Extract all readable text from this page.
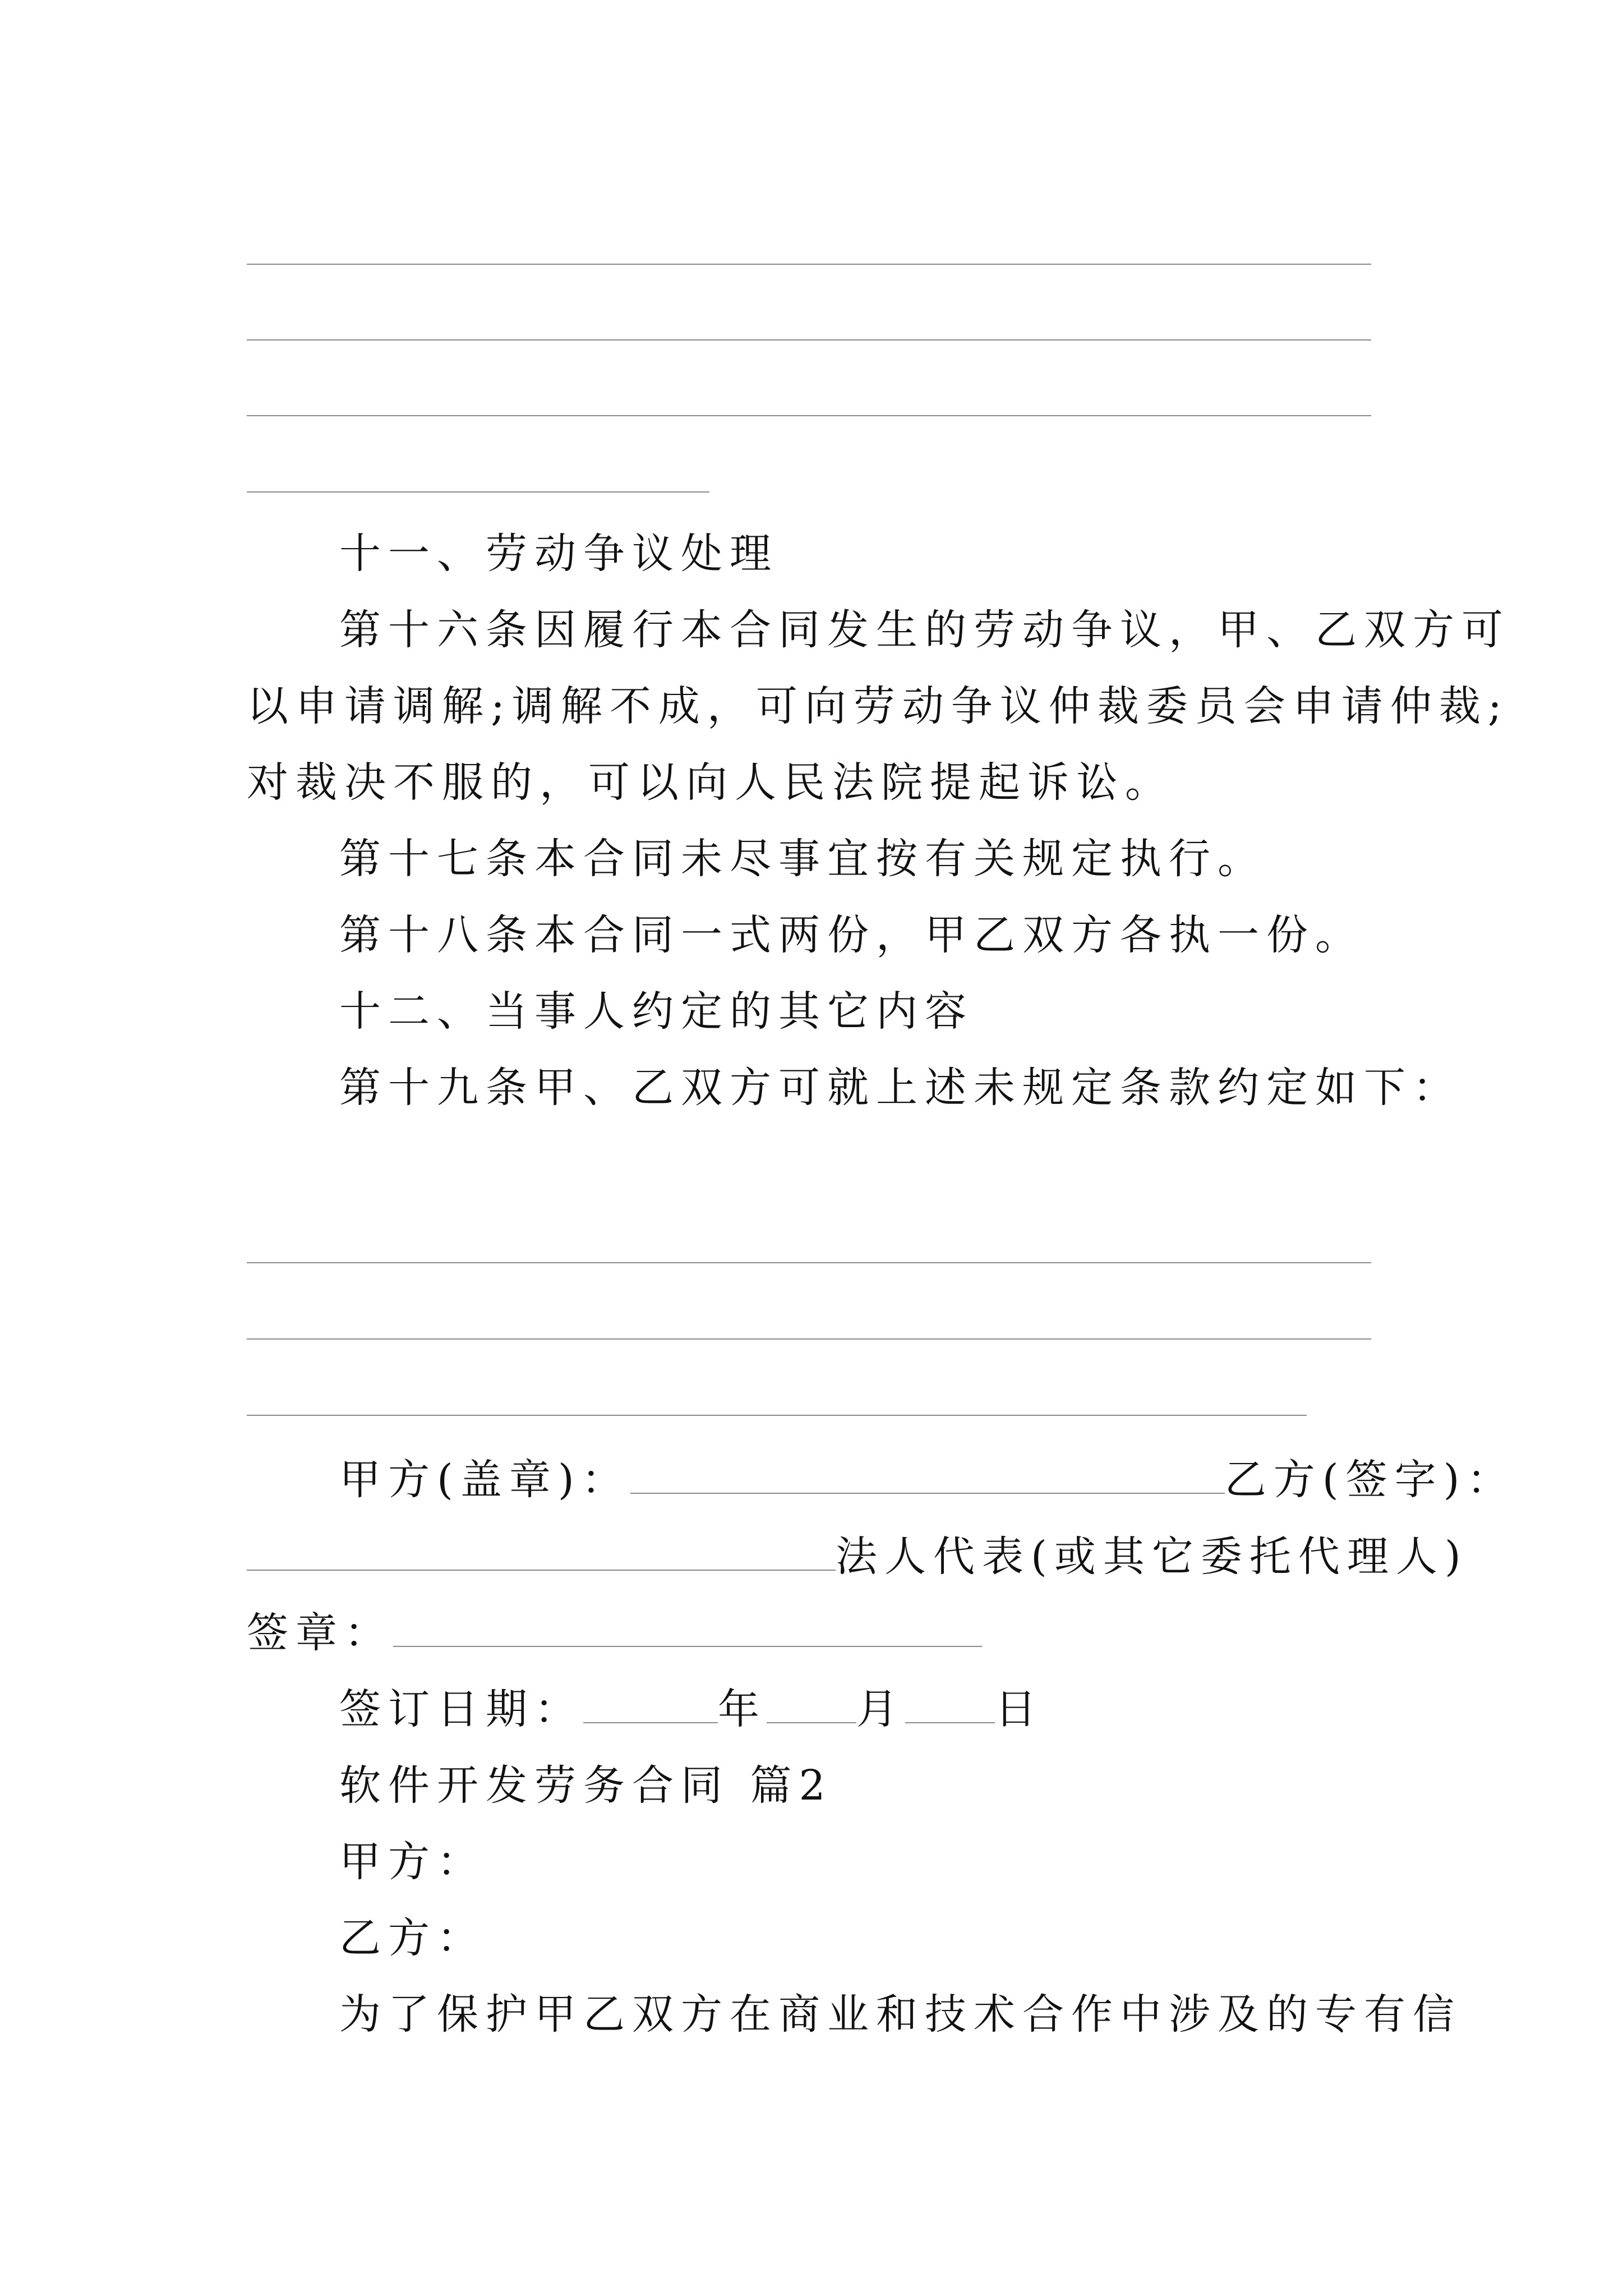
十一、劳动争议处理
第十六条因履行本合同发生的劳动争议，甲、乙双方可
以申请调解;调解不成，可向劳动争议仲裁委员会申请仲裁;
对裁决不服的，可以向人民法院提起诉讼。
第十七条本合同未尽事宜按有关规定执行。
第十八条本合同一式两份，甲乙双方各执一份。
十二、当事人约定的其它内容
第十九条甲、乙双方可就上述未规定条款约定如下：
甲方(盖章)：	乙方(签字)：
法人代表(或其它委托代理人)
签章：
签订日期：	年 月 日
软件开发劳务合同 篇2
甲方：
乙方：
为了保护甲乙双方在商业和技术合作中涉及的专有信
